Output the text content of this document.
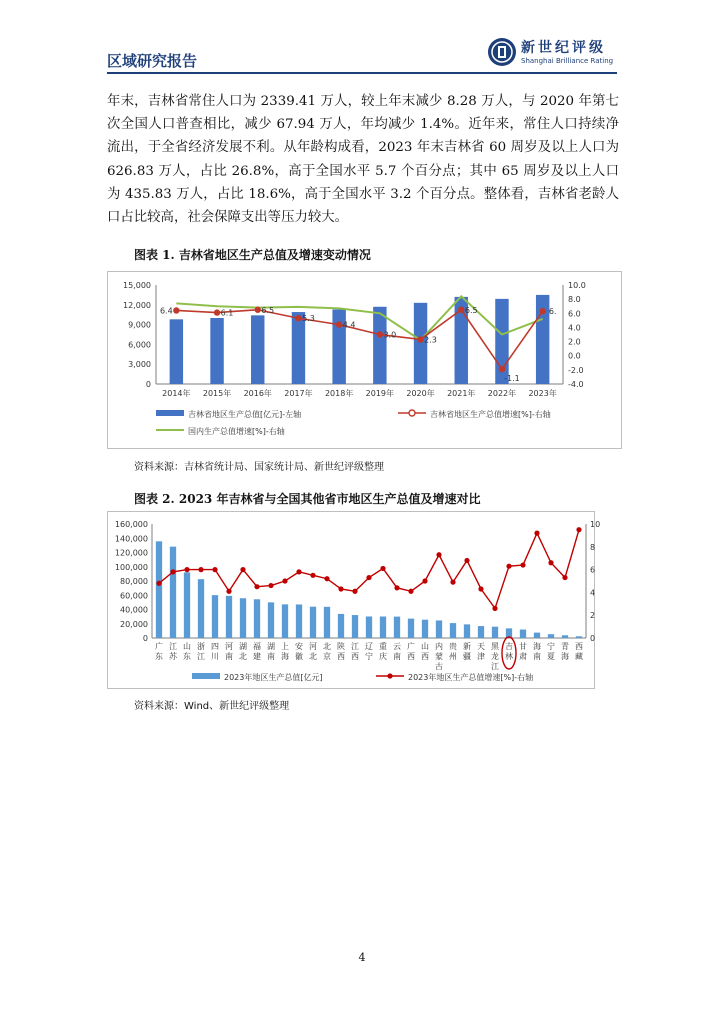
区域研究报告
新世纪评级
Shanghai Brilliance Rating

年末，吉林省常住人口为 2339.41 万人，较上年末减少 8.28 万人，与 2020 年第七次全国人口普查相比，减少 67.94 万人，年均减少 1.4%。近年来，常住人口持续净流出，于全省经济发展不利。从年龄构成看，2023 年末吉林省 60 周岁及以上人口为 626.83 万人，占比 26.8%，高于全国水平 5.7 个百分点；其中 65 周岁及以上人口为 435.83 万人，占比 18.6%，高于全国水平 3.2 个百分点。整体看，吉林省老龄人口占比较高，社会保障支出等压力较大。

图表 1. 吉林省地区生产总值及增速变动情况
0
3,000
6,000
9,000
12,000
15,000
-4.0
-2.0
0.0
2.0
4.0
6.0
8.0
10.0
2014年 2015年 2016年 2017年 2018年 2019年 2020年 2021年 2022年 2023年
6.4	6.1	6.5
5.3
4.4
3.0
2.3
6.5
-1.1
6.
吉林省地区生产总值[亿元]-左轴	吉林省地区生产总值增速[%]-右轴
国内生产总值增速[%]-右轴
资料来源：吉林省统计局、国家统计局、新世纪评级整理
图表 2. 2023 年吉林省与全国其他省市地区生产总值及增速对比
0
20,000
40,000
60,000
80,000
100,000
120,000
140,000
160,000
0
2
4
6
8
10
广
东
江
苏
山
东
浙
江
四
川
河
南
湖
北
福
建
湖
南
上
海
安
徽
河
北
北
京
陕
西
江
西
辽
宁
重
庆
云
南
广
西
山
西
内
蒙
古
贵
州
新
疆
天
津
黑
龙
江
吉
林
甘
肃
海
南
宁
夏
青
海
西
藏
2023年地区生产总值[亿元]	2023年地区生产总值增速[%]-右轴
资料来源：Wind、新世纪评级整理
4
